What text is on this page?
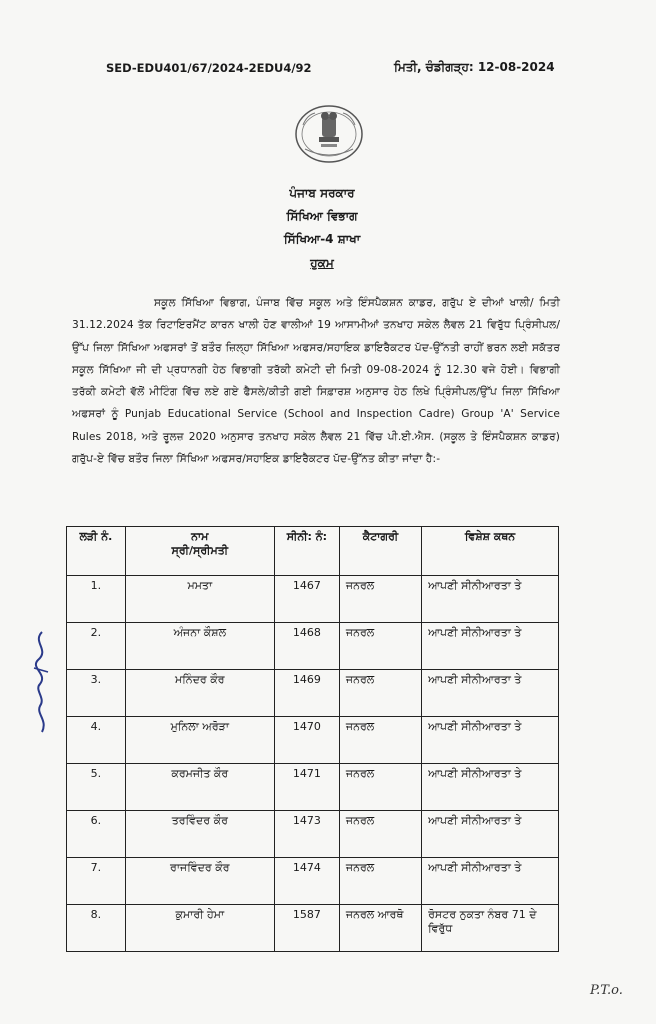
SED-EDU401/67/2024-2EDU4/92	ਮਿਤੀ, ਚੰਡੀਗੜ੍ਹ: 12-08-2024
ਪੰਜਾਬ ਸਰਕਾਰ
ਸਿੱਖਿਆ ਵਿਭਾਗ
ਸਿੱਖਿਆ-4 ਸ਼ਾਖਾ
ਹੁਕਮ
ਸਕੂਲ ਸਿੱਖਿਆ ਵਿਭਾਗ, ਪੰਜਾਬ ਵਿੱਚ ਸਕੂਲ ਅਤੇ ਇੰਸਪੈਕਸ਼ਨ ਕਾਡਰ, ਗਰੁੱਪ ਏ ਦੀਆਂ ਖਾਲੀ/ ਮਿਤੀ 31.12.2024 ਤੱਕ ਰਿਟਾਇਰਮੈਂਟ ਕਾਰਨ ਖਾਲੀ ਹੋਣ ਵਾਲੀਆਂ 19 ਆਸਾਮੀਆਂ ਤਨਖਾਹ ਸਕੇਲ ਲੈਵਲ 21 ਵਿਰੁੱਧ ਪ੍ਰਿੰਸੀਪਲ/ਉੱਪ ਜਿਲਾ ਸਿੱਖਿਆ ਅਫਸਰਾਂ ਤੋਂ ਬਤੌਰ ਜ਼ਿਲ੍ਹਾ ਸਿੱਖਿਆ ਅਫਸਰ/ਸਹਾਇਕ ਡਾਇਰੈਕਟਰ ਪੱਦ-ਉੱਨਤੀ ਰਾਹੀਂ ਭਰਨ ਲਈ ਸਕੱਤਰ ਸਕੂਲ ਸਿੱਖਿਆ ਜੀ ਦੀ ਪ੍ਰਧਾਨਗੀ ਹੇਠ ਵਿਭਾਗੀ ਤਰੱਕੀ ਕਮੇਟੀ ਦੀ ਮਿਤੀ 09-08-2024 ਨੂੰ 12.30 ਵਜੇ ਹੋਈ। ਵਿਭਾਗੀ ਤਰੱਕੀ ਕਮੇਟੀ ਵੱਲੋਂ ਮੀਟਿੰਗ ਵਿੱਚ ਲਏ ਗਏ ਫੈਸਲੇ/ਕੀਤੀ ਗਈ ਸਿਫ਼ਾਰਸ਼ ਅਨੁਸਾਰ ਹੇਠ ਲਿਖੇ ਪ੍ਰਿੰਸੀਪਲ/ਉੱਪ ਜਿਲਾ ਸਿੱਖਿਆ ਅਫਸਰਾਂ ਨੂੰ Punjab Educational Service (School and Inspection Cadre) Group 'A' Service Rules 2018, ਅਤੇ ਰੂਲਜ਼ 2020 ਅਨੁਸਾਰ ਤਨਖਾਹ ਸਕੇਲ ਲੈਵਲ 21 ਵਿੱਚ ਪੀ.ਈ.ਐਸ. (ਸਕੂਲ ਤੇ ਇੰਸਪੈਕਸ਼ਨ ਕਾਡਰ) ਗਰੁੱਪ-ਏ ਵਿੱਚ ਬਤੌਰ ਜਿਲਾ ਸਿੱਖਿਆ ਅਫਸਰ/ਸਹਾਇਕ ਡਾਇਰੈਕਟਰ ਪੱਦ-ਉੱਨਤ ਕੀਤਾ ਜਾਂਦਾ ਹੈ:-
ਲੜੀ ਨੰ.	ਨਾਮ
ਸ੍ਰੀ/ਸ੍ਰੀਮਤੀ	ਸੀਨੀ: ਨੰ:	ਕੈਟਾਗਰੀ	ਵਿਸ਼ੇਸ਼ ਕਥਨ
1.	ਮਮਤਾ	1467	ਜਨਰਲ	ਆਪਣੀ ਸੀਨੀਆਰਤਾ ਤੇ
2.	ਅੰਜਨਾ ਕੌਸ਼ਲ	1468	ਜਨਰਲ	ਆਪਣੀ ਸੀਨੀਆਰਤਾ ਤੇ
3.	ਮਨਿੰਦਰ ਕੌਰ	1469	ਜਨਰਲ	ਆਪਣੀ ਸੀਨੀਆਰਤਾ ਤੇ
4.	ਮੁਨਿਲਾ ਅਰੋੜਾ	1470	ਜਨਰਲ	ਆਪਣੀ ਸੀਨੀਆਰਤਾ ਤੇ
5.	ਕਰਮਜੀਤ ਕੌਰ	1471	ਜਨਰਲ	ਆਪਣੀ ਸੀਨੀਆਰਤਾ ਤੇ
6.	ਤਰਵਿੰਦਰ ਕੌਰ	1473	ਜਨਰਲ	ਆਪਣੀ ਸੀਨੀਆਰਤਾ ਤੇ
7.	ਰਾਜਵਿੰਦਰ ਕੌਰ	1474	ਜਨਰਲ	ਆਪਣੀ ਸੀਨੀਆਰਤਾ ਤੇ
8.	ਕੁਮਾਰੀ ਹੇਮਾ	1587	ਜਨਰਲ ਆਰਥੋ	ਰੋਸਟਰ ਨੁਕਤਾ ਨੰਬਰ 71 ਦੇ ਵਿਰੁੱਧ
P.T.o.
